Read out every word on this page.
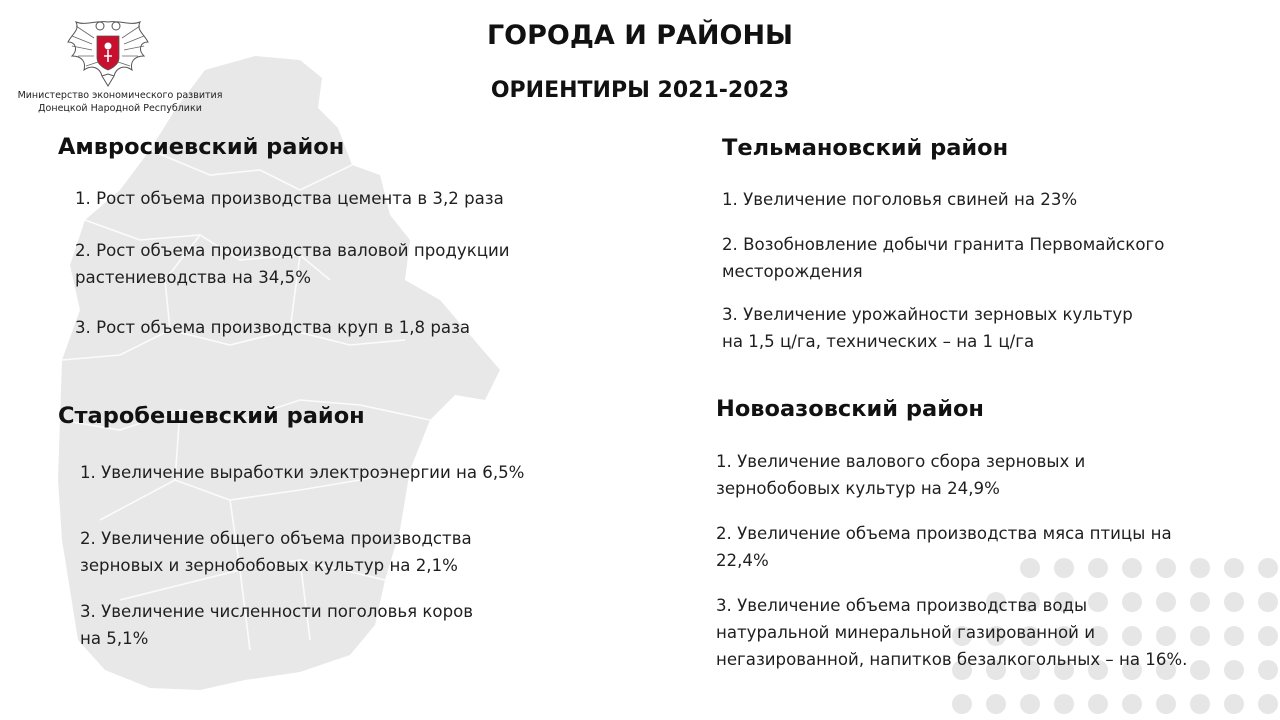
Министерство экономического развития
Донецкой Народной Республики
ГОРОДА И РАЙОНЫ
ОРИЕНТИРЫ 2021-2023
Амвросиевский район
1. Рост объема производства цемента в 3,2 раза
2. Рост объема производства валовой продукции
растениеводства на 34,5%
3. Рост объема производства круп в 1,8 раза
Старобешевский район
1. Увеличение выработки электроэнергии на 6,5%
2. Увеличение общего объема производства
зерновых и зернобобовых культур на 2,1%
3. Увеличение численности поголовья коров
на 5,1%
Тельмановский район
1. Увеличение поголовья свиней на 23%
2. Возобновление добычи гранита Первомайского
месторождения
3. Увеличение урожайности зерновых культур
на 1,5 ц/га, технических – на 1 ц/га
Новоазовский район
1. Увеличение валового сбора зерновых и
зернобобовых культур на 24,9%
2. Увеличение объема производства мяса птицы на
22,4%
3. Увеличение объема производства воды
натуральной минеральной газированной и
негазированной, напитков безалкогольных – на 16%.
